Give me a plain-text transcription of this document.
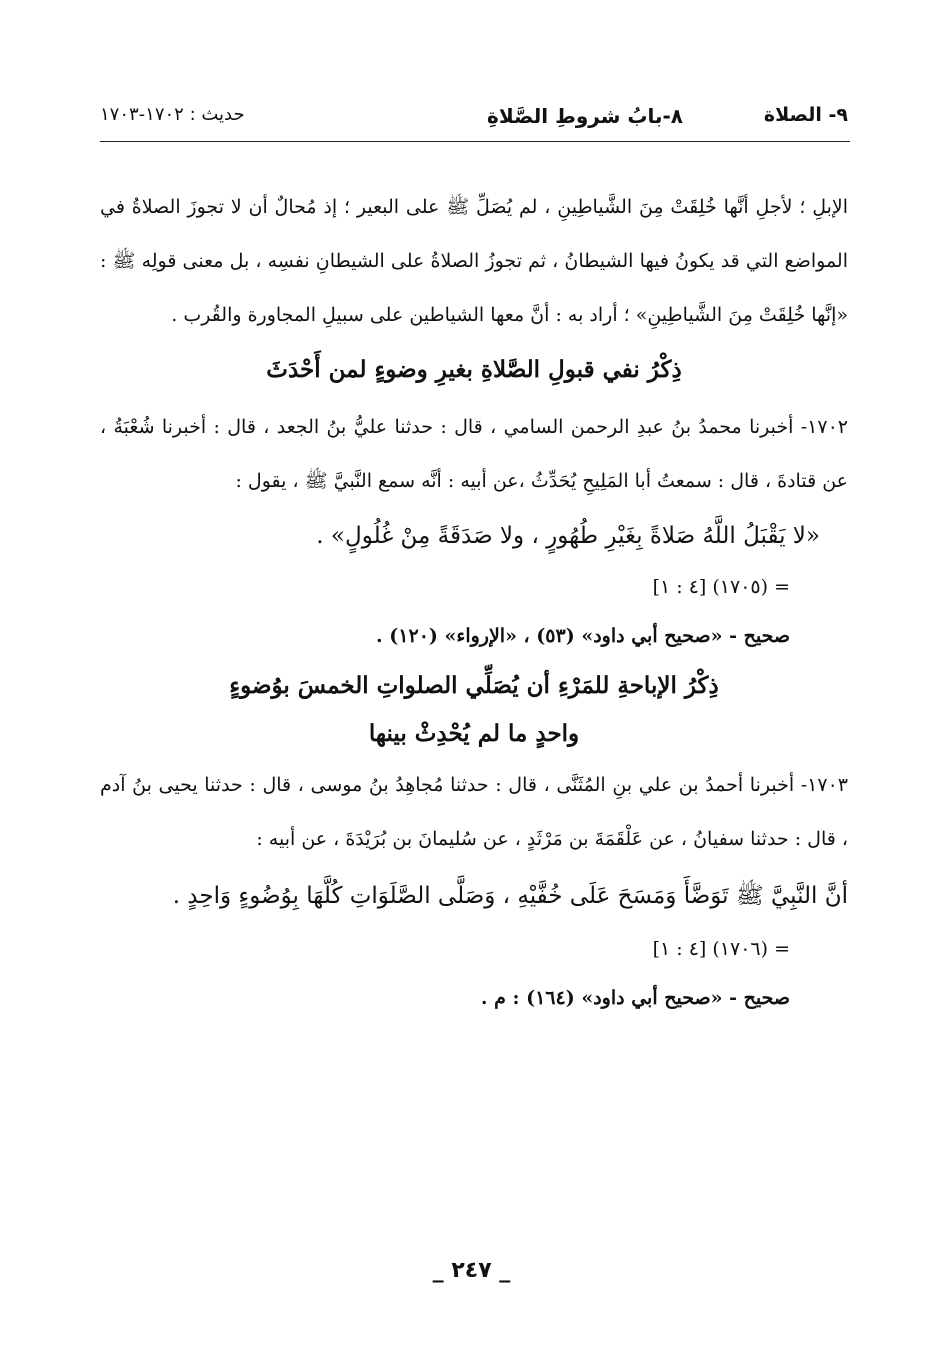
٩- الصلاة
٨-بابُ شروطِ الصَّلاةِ
حديث : ١٧٠٢-١٧٠٣

الإبلِ ؛ لأجلِ أنَّها خُلِقَتْ مِنَ الشَّياطِينِ ، لم يُصَلِّ ﷺ على البعير ؛ إذ مُحالٌ أن لا تجوزَ الصلاةُ في المواضع التي قد يكونُ فيها الشيطانُ ، ثم تجوزُ الصلاةُ على الشيطانِ نفسِه ، بل معنى قولِه ﷺ : «إنَّها خُلِقَتْ مِنَ الشَّياطِينِ» ؛ أراد به : أنَّ معها الشياطين على سبيلِ المجاورة والقُرب .

ذِكْرُ نفي قبولِ الصَّلاةِ بغيرِ وضوءٍ لمن أَحْدَثَ

١٧٠٢- أخبرنا محمدُ بنُ عبدِ الرحمن السامي ، قال : حدثنا عليُّ بنُ الجعد ، قال : أخبرنا شُعْبَةُ ، عن قتادةَ ، قال : سمعتُ أبا المَلِيحِ يُحَدِّثُ ،عن أبيه : أنَّه سمع النَّبيَّ ﷺ ، يقول :

«لا يَقْبَلُ اللَّهُ صَلاةً بِغَيْرِ طُهُورٍ ، ولا صَدَقَةً مِنْ غُلُولٍ» .

= (١٧٠٥) [٤ : ١]

صحيح - «صحيح أبي داود» (٥٣) ، «الإرواء» (١٢٠) .

ذِكْرُ الإباحةِ للمَرْءِ أن يُصَلِّي الصلواتِ الخمسَ بوُضوءٍ

واحدٍ ما لم يُحْدِثْ بينها

١٧٠٣- أخبرنا أحمدُ بن علي بنِ المُثَنَّى ، قال : حدثنا مُجاهِدُ بنُ موسى ، قال : حدثنا يحيى بنُ آدم ، قال : حدثنا سفيانُ ، عن عَلْقَمَةَ بن مَرْثَدٍ ، عن سُليمانَ بن بُرَيْدَةَ ، عن أبيه :

أنَّ النَّبِيَّ ﷺ تَوَضَّأَ وَمَسَحَ عَلَى خُفَّيْهِ ، وَصَلَّى الصَّلَوَاتِ كُلَّهَا بِوُضُوءٍ وَاحِدٍ .

= (١٧٠٦) [٤ : ١]

صحيح - «صحيح أبي داود» (١٦٤) : م .

_ ٢٤٧ _
